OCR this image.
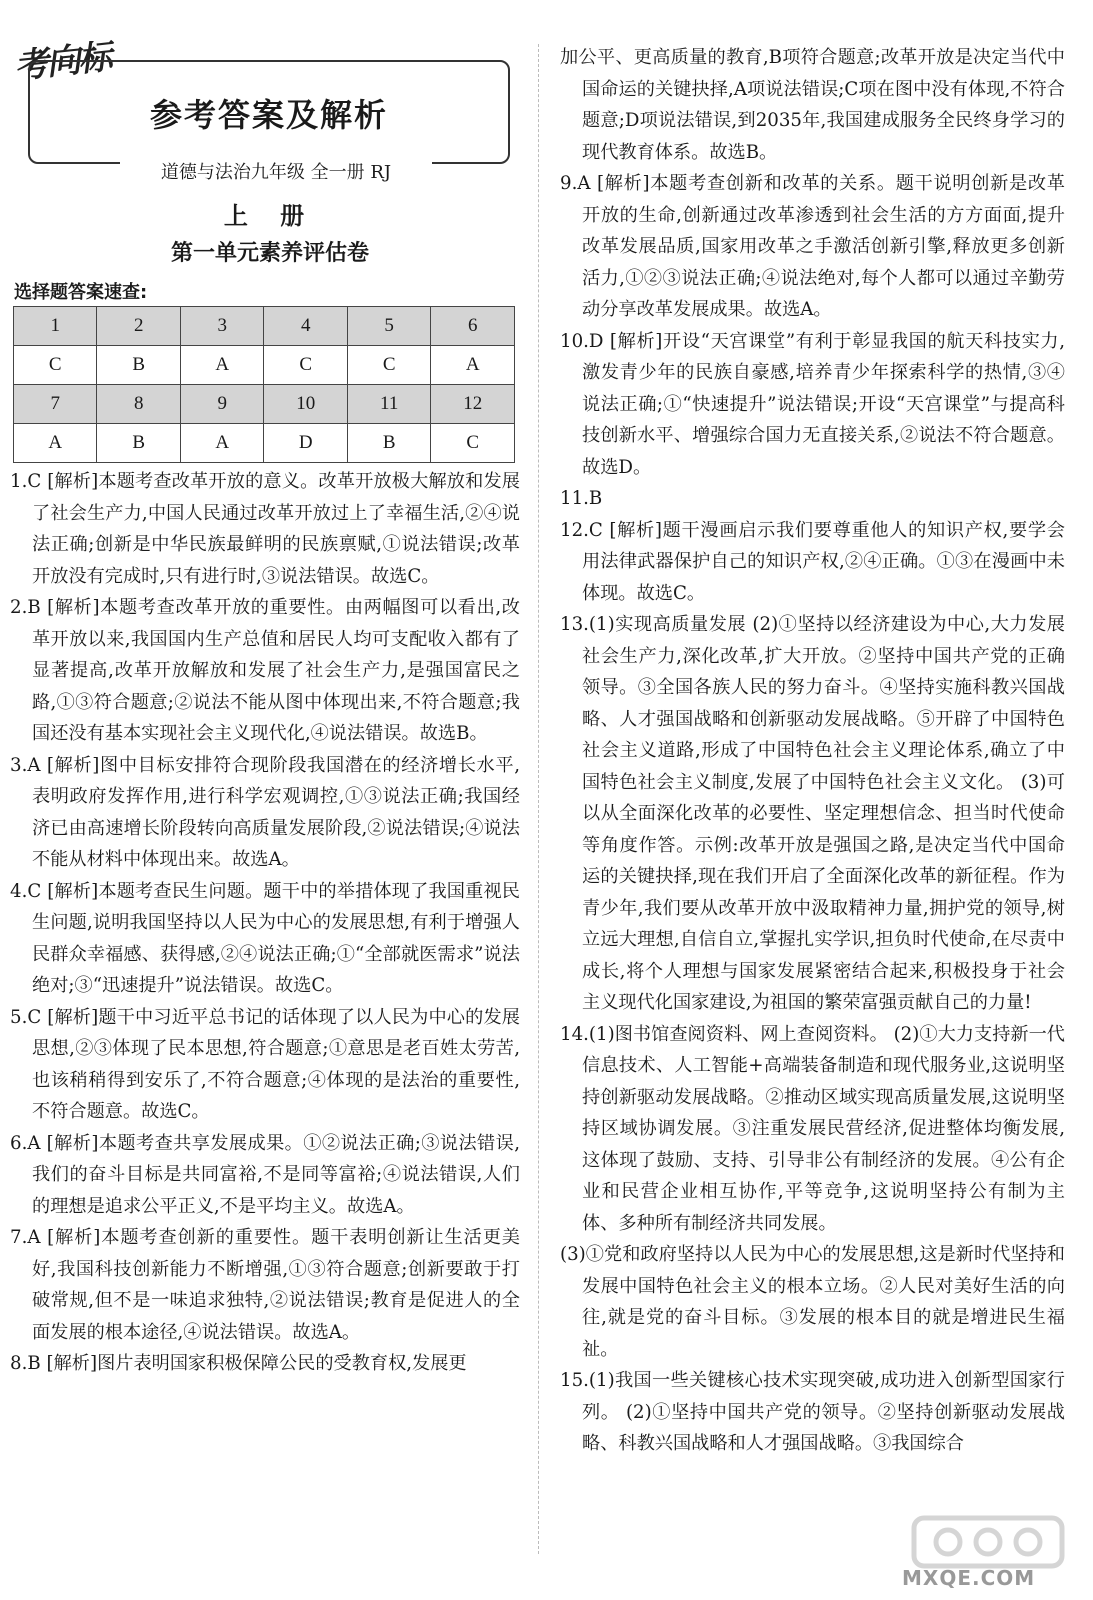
考向标
参考答案及解析
道德与法治九年级 全一册 RJ
上 册
第一单元素养评估卷
选择题答案速查:
1	2	3	4	5	6
C	B	A	C	C	A
7	8	9	10	11	12
A	B	A	D	B	C

1.C [解析]本题考查改革开放的意义。改革开放极大解放和发展了社会生产力,中国人民通过改革开放过上了幸福生活,②④说法正确;创新是中华民族最鲜明的民族禀赋,①说法错误;改革开放没有完成时,只有进行时,③说法错误。故选C。

2.B [解析]本题考查改革开放的重要性。由两幅图可以看出,改革开放以来,我国国内生产总值和居民人均可支配收入都有了显著提高,改革开放解放和发展了社会生产力,是强国富民之路,①③符合题意;②说法不能从图中体现出来,不符合题意;我国还没有基本实现社会主义现代化,④说法错误。故选B。

3.A [解析]图中目标安排符合现阶段我国潜在的经济增长水平,表明政府发挥作用,进行科学宏观调控,①③说法正确;我国经济已由高速增长阶段转向高质量发展阶段,②说法错误;④说法不能从材料中体现出来。故选A。

4.C [解析]本题考查民生问题。题干中的举措体现了我国重视民生问题,说明我国坚持以人民为中心的发展思想,有利于增强人民群众幸福感、获得感,②④说法正确;①“全部就医需求”说法绝对;③“迅速提升”说法错误。故选C。

5.C [解析]题干中习近平总书记的话体现了以人民为中心的发展思想,②③体现了民本思想,符合题意;①意思是老百姓太劳苦,也该稍稍得到安乐了,不符合题意;④体现的是法治的重要性,不符合题意。故选C。

6.A [解析]本题考查共享发展成果。①②说法正确;③说法错误,我们的奋斗目标是共同富裕,不是同等富裕;④说法错误,人们的理想是追求公平正义,不是平均主义。故选A。

7.A [解析]本题考查创新的重要性。题干表明创新让生活更美好,我国科技创新能力不断增强,①③符合题意;创新要敢于打破常规,但不是一味追求独特,②说法错误;教育是促进人的全面发展的根本途径,④说法错误。故选A。

8.B [解析]图片表明国家积极保障公民的受教育权,发展更

加公平、更高质量的教育,B项符合题意;改革开放是决定当代中国命运的关键抉择,A项说法错误;C项在图中没有体现,不符合题意;D项说法错误,到2035年,我国建成服务全民终身学习的现代教育体系。故选B。

9.A [解析]本题考查创新和改革的关系。题干说明创新是改革开放的生命,创新通过改革渗透到社会生活的方方面面,提升改革发展品质,国家用改革之手激活创新引擎,释放更多创新活力,①②③说法正确;④说法绝对,每个人都可以通过辛勤劳动分享改革发展成果。故选A。

10.D [解析]开设“天宫课堂”有利于彰显我国的航天科技实力,激发青少年的民族自豪感,培养青少年探索科学的热情,③④说法正确;①“快速提升”说法错误;开设“天宫课堂”与提高科技创新水平、增强综合国力无直接关系,②说法不符合题意。故选D。

11.B

12.C [解析]题干漫画启示我们要尊重他人的知识产权,要学会用法律武器保护自己的知识产权,②④正确。①③在漫画中未体现。故选C。

13.(1)实现高质量发展 (2)①坚持以经济建设为中心,大力发展社会生产力,深化改革,扩大开放。②坚持中国共产党的正确领导。③全国各族人民的努力奋斗。④坚持实施科教兴国战略、人才强国战略和创新驱动发展战略。⑤开辟了中国特色社会主义道路,形成了中国特色社会主义理论体系,确立了中国特色社会主义制度,发展了中国特色社会主义文化。 (3)可以从全面深化改革的必要性、坚定理想信念、担当时代使命等角度作答。示例:改革开放是强国之路,是决定当代中国命运的关键抉择,现在我们开启了全面深化改革的新征程。作为青少年,我们要从改革开放中汲取精神力量,拥护党的领导,树立远大理想,自信自立,掌握扎实学识,担负时代使命,在尽责中成长,将个人理想与国家发展紧密结合起来,积极投身于社会主义现代化国家建设,为祖国的繁荣富强贡献自己的力量!

14.(1)图书馆查阅资料、网上查阅资料。 (2)①大力支持新一代信息技术、人工智能+高端装备制造和现代服务业,这说明坚持创新驱动发展战略。②推动区域实现高质量发展,这说明坚持区域协调发展。③注重发展民营经济,促进整体均衡发展,这体现了鼓励、支持、引导非公有制经济的发展。④公有企业和民营企业相互协作,平等竞争,这说明坚持公有制为主体、多种所有制经济共同发展。

(3)①党和政府坚持以人民为中心的发展思想,这是新时代坚持和发展中国特色社会主义的根本立场。②人民对美好生活的向往,就是党的奋斗目标。③发展的根本目的就是增进民生福祉。

15.(1)我国一些关键核心技术实现突破,成功进入创新型国家行列。 (2)①坚持中国共产党的领导。②坚持创新驱动发展战略、科教兴国战略和人才强国战略。③我国综合

MXQE.COM
